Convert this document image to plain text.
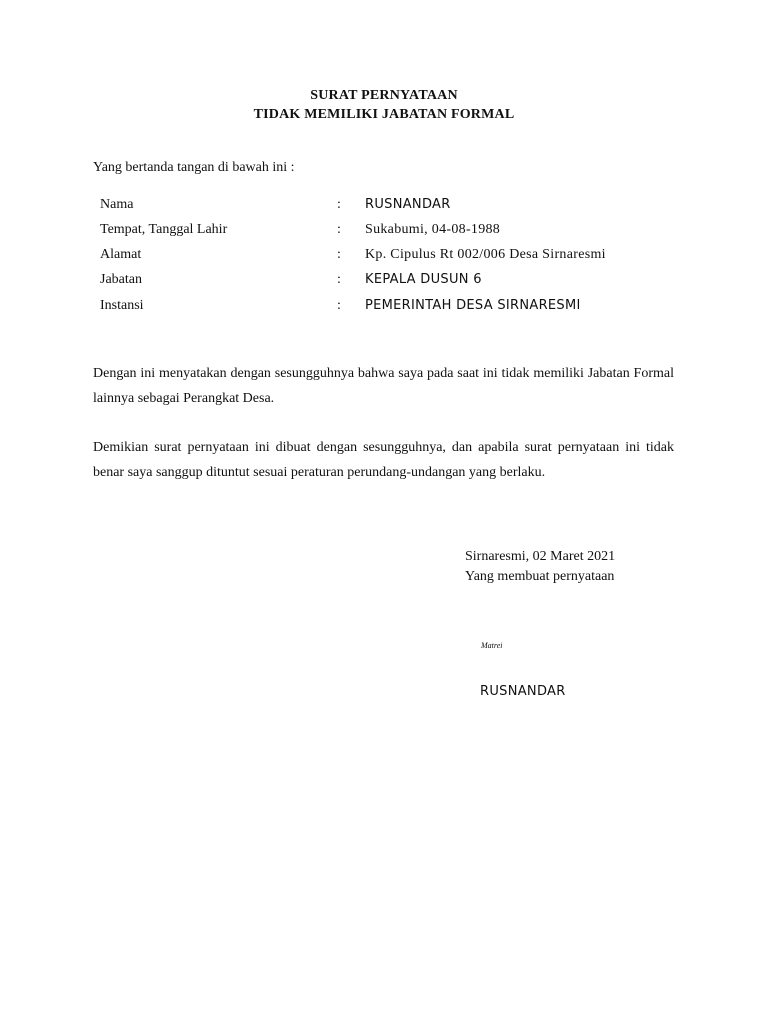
SURAT PERNYATAAN
TIDAK MEMILIKI JABATAN FORMAL
Yang bertanda tangan di bawah ini :
Nama	: RUSNANDAR
Tempat, Tanggal Lahir	: Sukabumi, 04-08-1988
Alamat	: Kp. Cipulus Rt 002/006 Desa Sirnaresmi
Jabatan	: KEPALA DUSUN 6
Instansi	: PEMERINTAH DESA SIRNARESMI
Dengan ini menyatakan dengan sesungguhnya bahwa saya pada saat ini tidak memiliki Jabatan Formal lainnya sebagai Perangkat Desa.
Demikian surat pernyataan ini dibuat dengan sesungguhnya, dan apabila surat pernyataan ini tidak benar saya sanggup dituntut sesuai peraturan perundang-undangan yang berlaku.
Sirnaresmi, 02 Maret 2021
Yang membuat pernyataan
Matrei
RUSNANDAR
